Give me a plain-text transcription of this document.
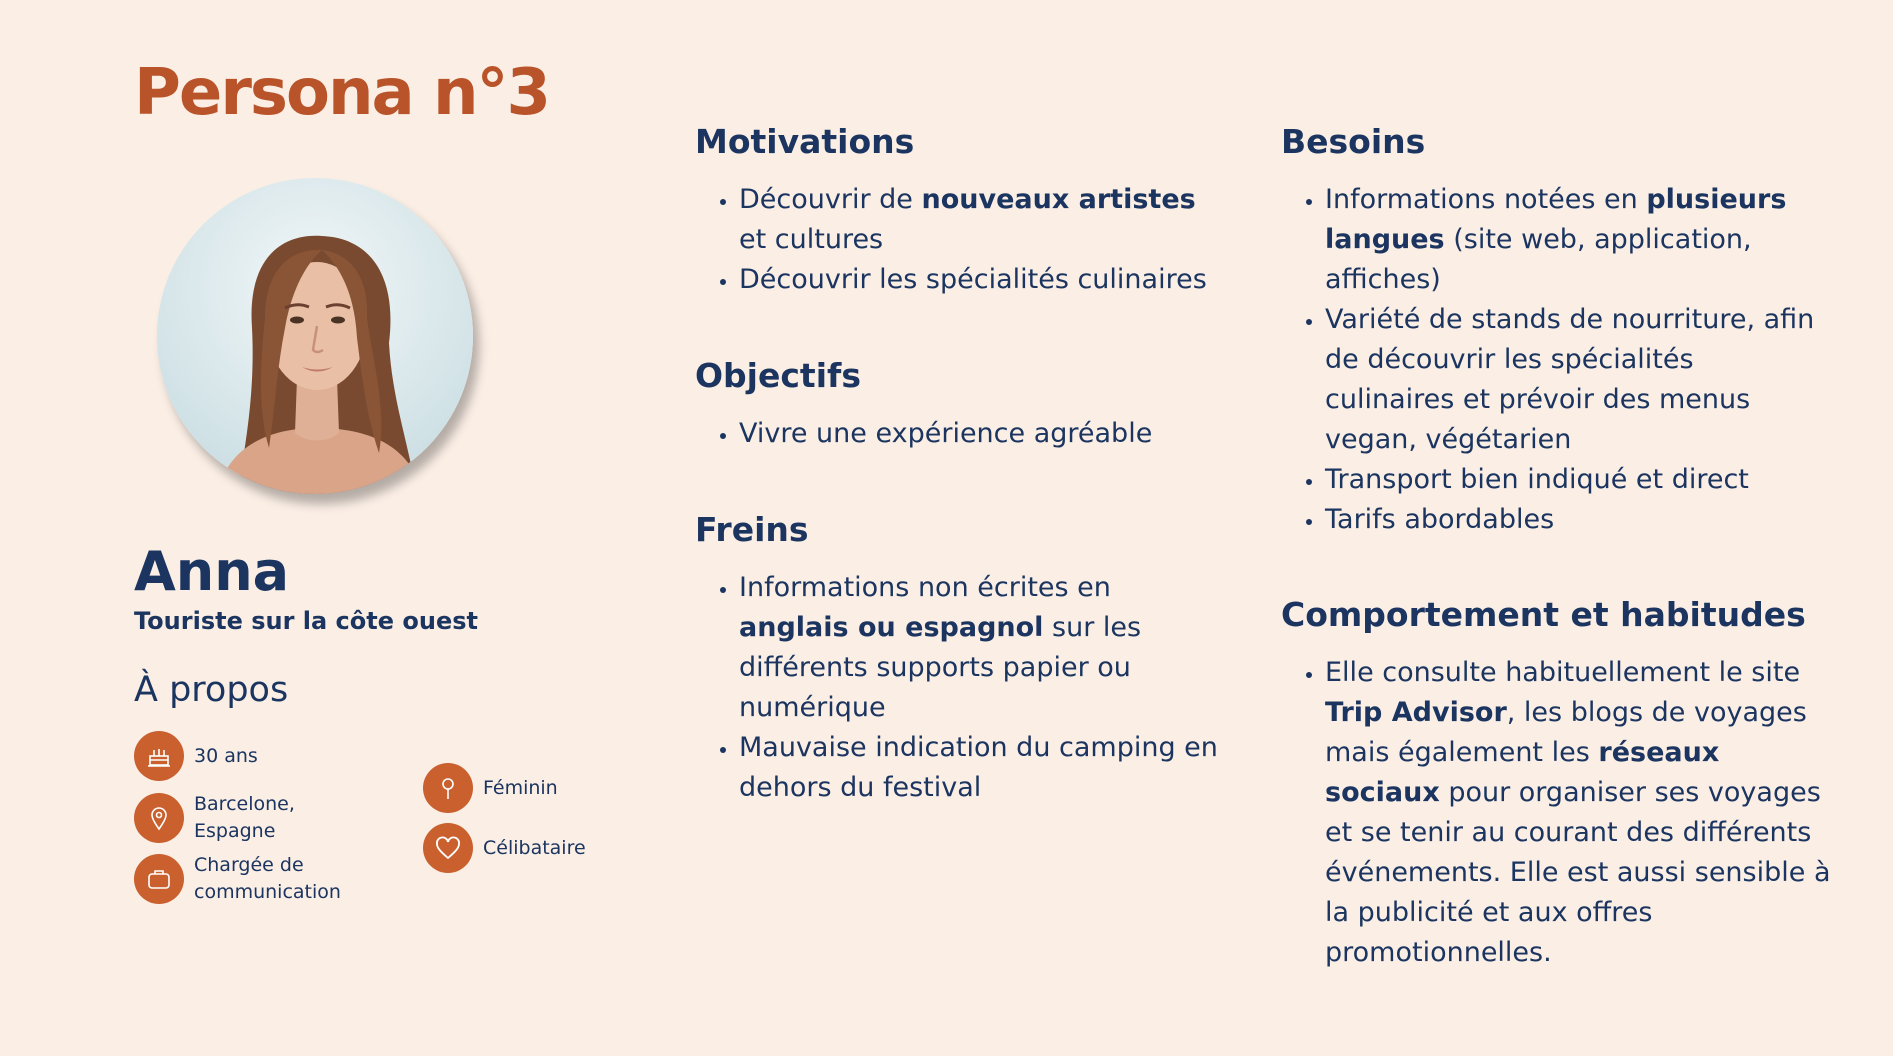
Persona n°3
Anna

Touriste sur la côte ouest

À propos
30 ans
Barcelone, Espagne
Chargée de communication
Féminin
Célibataire
Motivations
• Découvrir de nouveaux artistes et cultures
• Découvrir les spécialités culinaires
Objectifs
• Vivre une expérience agréable
Freins
• Informations non écrites en anglais ou espagnol sur les différents supports papier ou numérique
• Mauvaise indication du camping en dehors du festival
Besoins
• Informations notées en plusieurs langues (site web, application, affiches)
• Variété de stands de nourriture, afin de découvrir les spécialités culinaires et prévoir des menus vegan, végétarien
• Transport bien indiqué et direct
• Tarifs abordables
Comportement et habitudes
• Elle consulte habituellement le site Trip Advisor, les blogs de voyages mais également les réseaux sociaux pour organiser ses voyages et se tenir au courant des différents événements. Elle est aussi sensible à la publicité et aux offres promotionnelles.
